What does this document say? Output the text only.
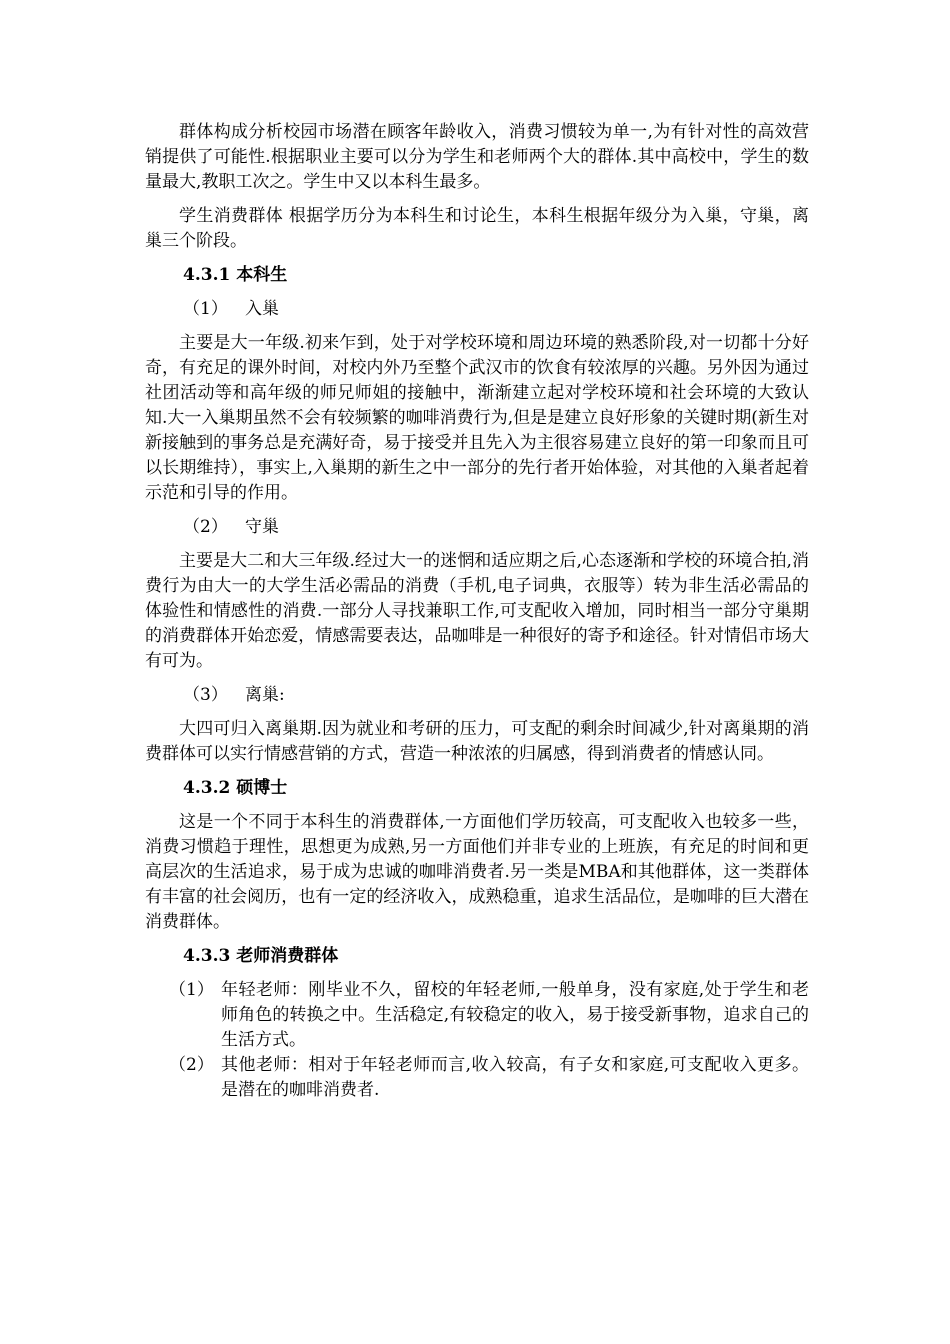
群体构成分析校园市场潜在顾客年龄收入，消费习惯较为单一,为有针对性的高效营销提供了可能性.根据职业主要可以分为学生和老师两个大的群体.其中高校中，学生的数量最大,教职工次之。学生中又以本科生最多。

学生消费群体 根据学历分为本科生和讨论生，本科生根据年级分为入巢，守巢，离巢三个阶段。

4.3.1 本科生
（1） 入巢

主要是大一年级.初来乍到，处于对学校环境和周边环境的熟悉阶段,对一切都十分好奇，有充足的课外时间，对校内外乃至整个武汉市的饮食有较浓厚的兴趣。另外因为通过社团活动等和高年级的师兄师姐的接触中，渐渐建立起对学校环境和社会环境的大致认知.大一入巢期虽然不会有较频繁的咖啡消费行为,但是是建立良好形象的关键时期(新生对新接触到的事务总是充满好奇，易于接受并且先入为主很容易建立良好的第一印象而且可以长期维持），事实上,入巢期的新生之中一部分的先行者开始体验，对其他的入巢者起着示范和引导的作用。

（2） 守巢

主要是大二和大三年级.经过大一的迷惘和适应期之后,心态逐渐和学校的环境合拍,消费行为由大一的大学生活必需品的消费（手机,电子词典，衣服等）转为非生活必需品的体验性和情感性的消费.一部分人寻找兼职工作,可支配收入增加，同时相当一部分守巢期的消费群体开始恋爱，情感需要表达，品咖啡是一种很好的寄予和途径。针对情侣市场大有可为。

（3） 离巢:

大四可归入离巢期.因为就业和考研的压力，可支配的剩余时间减少,针对离巢期的消费群体可以实行情感营销的方式，营造一种浓浓的归属感，得到消费者的情感认同。

4.3.2 硕博士

这是一个不同于本科生的消费群体,一方面他们学历较高，可支配收入也较多一些，消费习惯趋于理性，思想更为成熟,另一方面他们并非专业的上班族，有充足的时间和更高层次的生活追求，易于成为忠诚的咖啡消费者.另一类是MBA和其他群体，这一类群体有丰富的社会阅历，也有一定的经济收入，成熟稳重，追求生活品位，是咖啡的巨大潜在消费群体。

4.3.3 老师消费群体
（1） 年轻老师：刚毕业不久，留校的年轻老师,一般单身，没有家庭,处于学生和老师角色的转换之中。生活稳定,有较稳定的收入，易于接受新事物，追求自己的生活方式。
（2） 其他老师：相对于年轻老师而言,收入较高，有子女和家庭,可支配收入更多。是潜在的咖啡消费者.
